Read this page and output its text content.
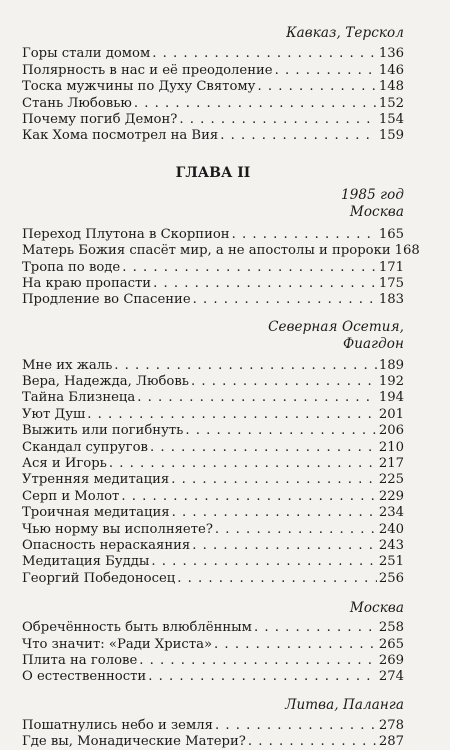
Кавказ, Терскол
Горы стали домом . . .	136
Полярность в нас и её преодоление . . .	146
Тоска мужчины по Духу Святому . . .	148
Стань Любовью . . .	152
Почему погиб Демон? . . .	154
Как Хома посмотрел на Вия . . .	159
ГЛАВА II
1985 год
Москва
Переход Плутона в Скорпион . . .	165
Матерь Божия спасёт мир, а не апостолы и пророки 168
Тропа по воде . . .	171
На краю пропасти . . .	175
Продление во Спасение . . .	183
Северная Осетия,
Фиагдон
Мне их жаль . . .	189
Вера, Надежда, Любовь . . .	192
Тайна Близнеца . . .	194
Уют Душ . . .	201
Выжить или погибнуть . . .	206
Скандал супругов . . .	210
Ася и Игорь . . .	217
Утренняя медитация . . .	225
Серп и Молот . . .	229
Троичная медитация . . .	234
Чью норму вы исполняете? . . .	240
Опасность нераскаяния . . .	243
Медитация Будды . . .	251
Георгий Победоносец . . .	256
Москва
Обречённость быть влюблённым . . .	258
Что значит: «Ради Христа» . . .	265
Плита на голове . . .	269
О естественности . . .	274
Литва, Паланга
Пошатнулись небо и земля . . .	278
Где вы, Монадические Матери? . . .	287
